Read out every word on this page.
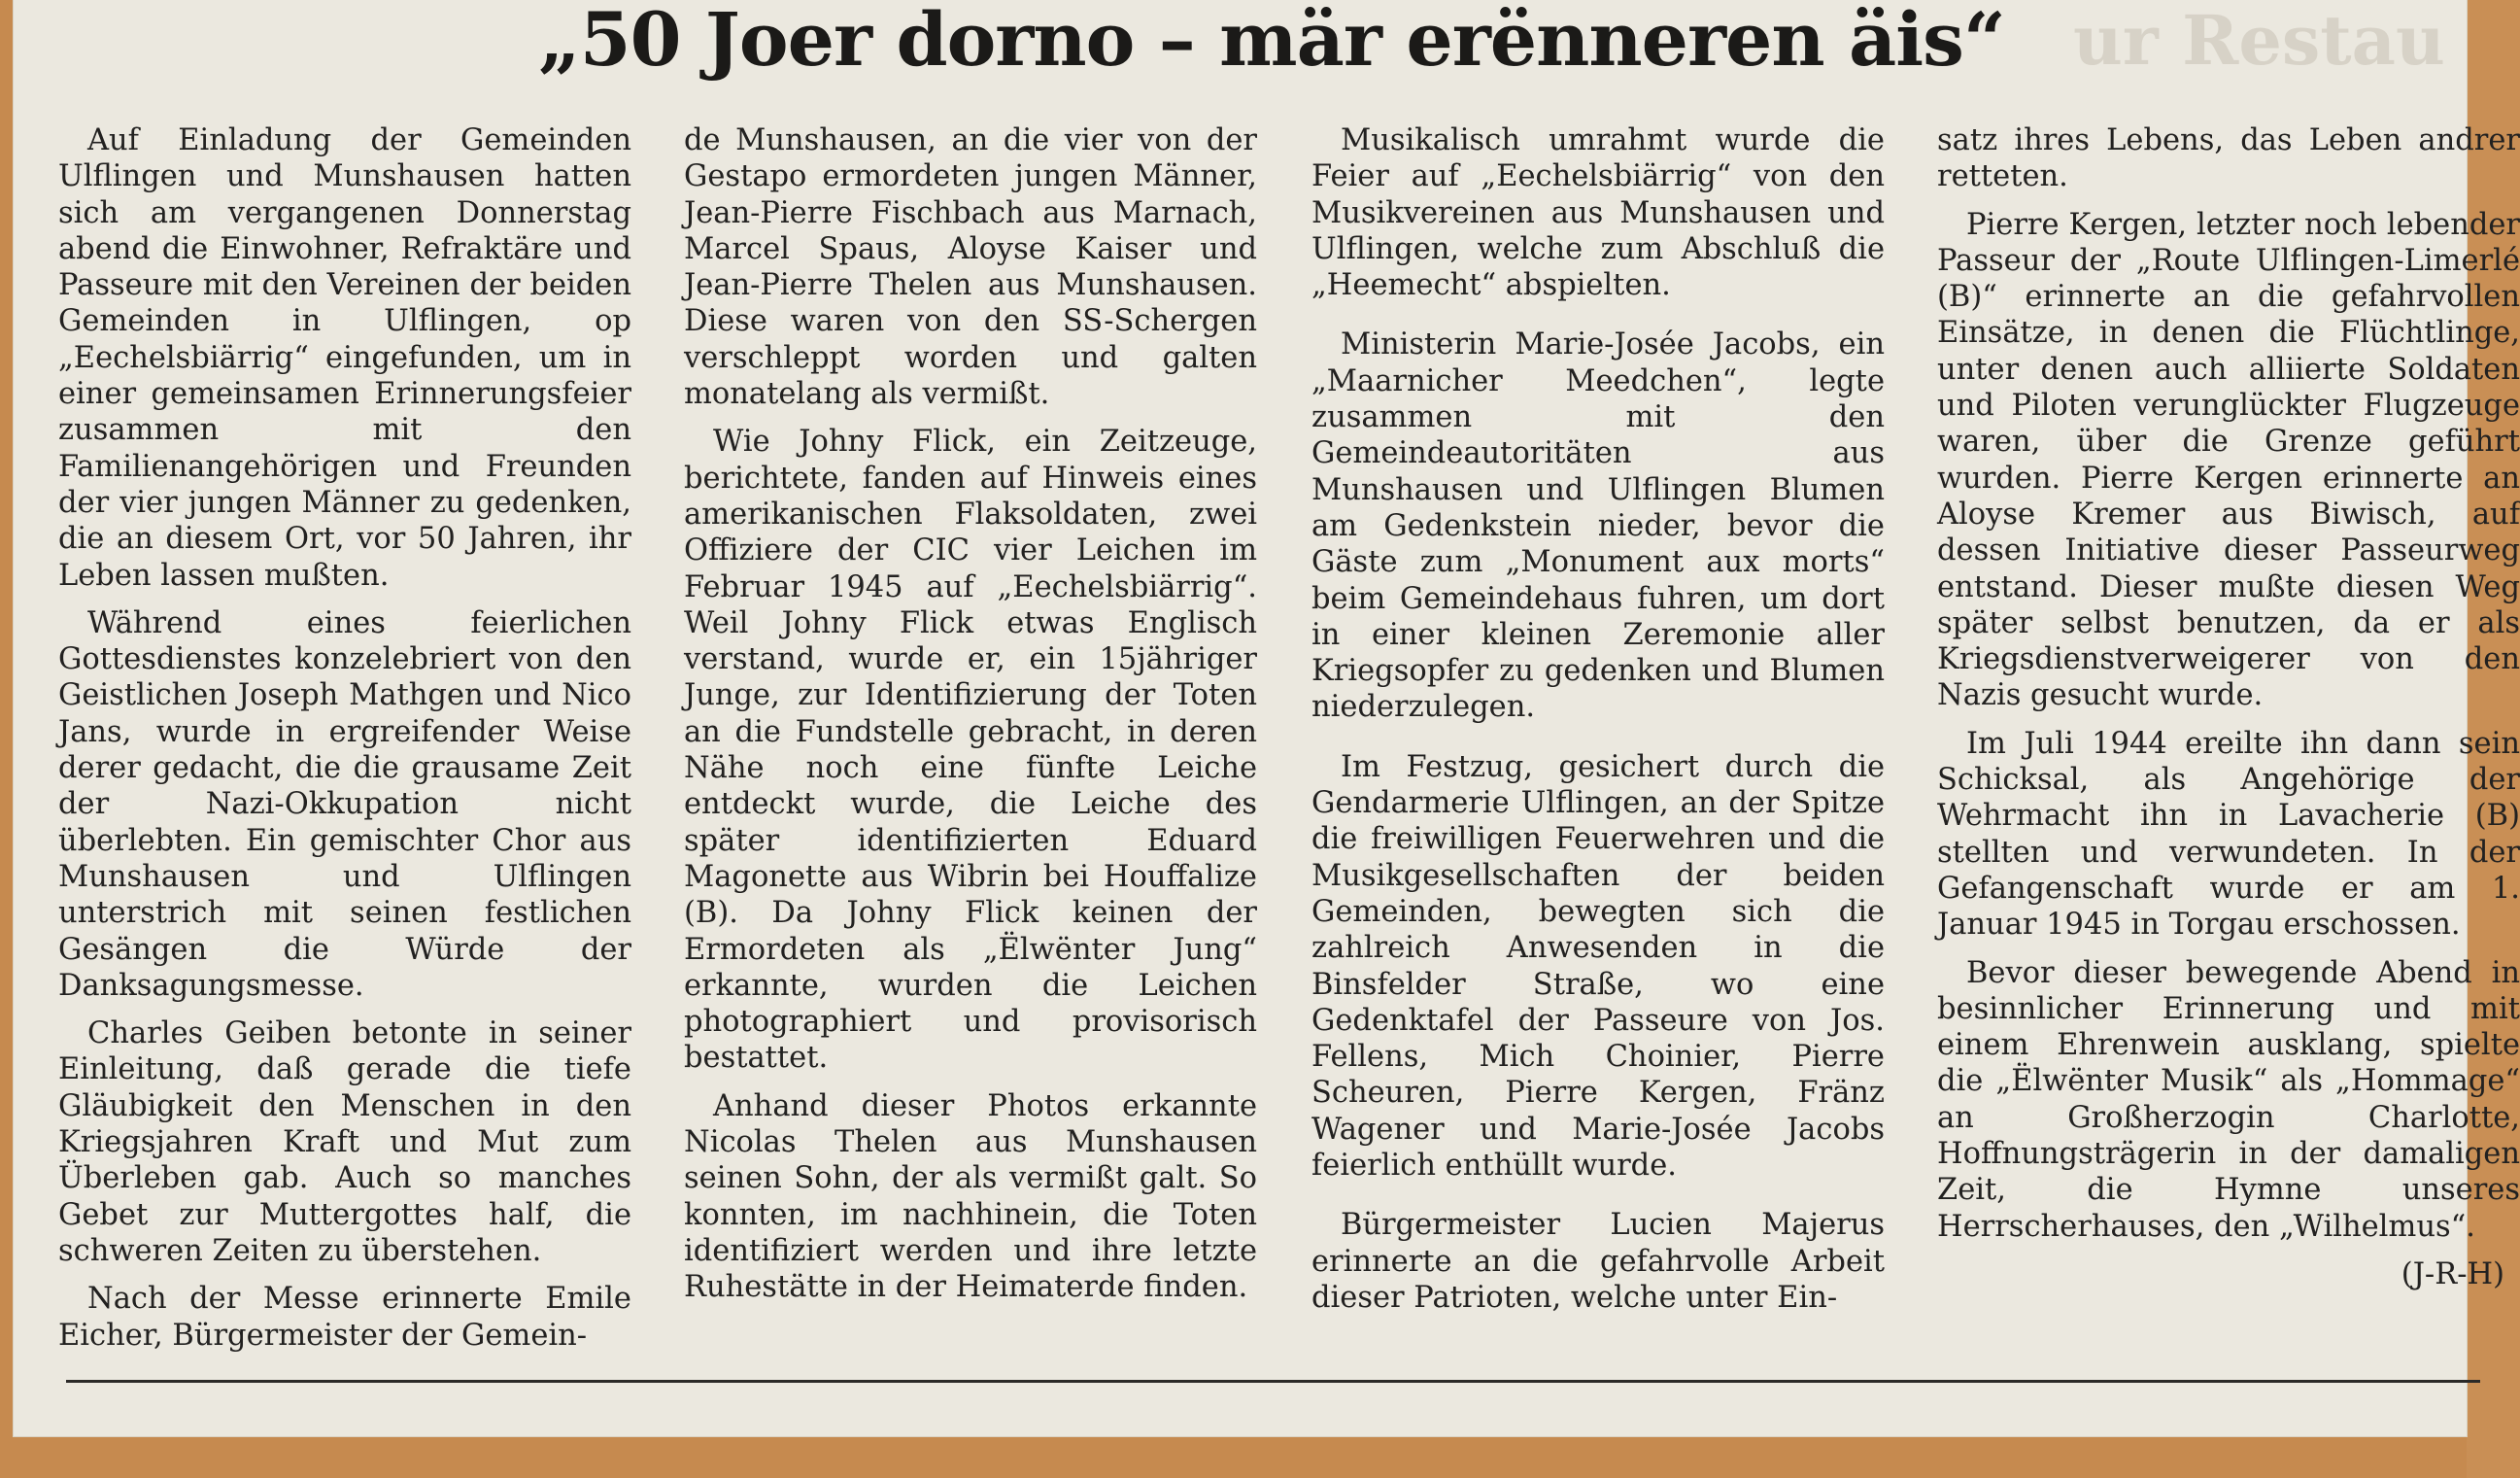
ur Restau
„50 Joer dorno – mär erënneren äis“

Auf Einladung der Gemeinden Ulflingen und Munshausen hatten sich am vergangenen Donnerstag abend die Einwohner, Refraktäre und Passeure mit den Vereinen der beiden Gemeinden in Ulflingen, op „Eechelsbiärrig“ eingefunden, um in einer gemeinsamen Erinnerungsfeier zusammen mit den Familienangehörigen und Freunden der vier jungen Männer zu gedenken, die an diesem Ort, vor 50 Jahren, ihr Leben lassen mußten.

Während eines feierlichen Gottesdienstes konzelebriert von den Geistlichen Joseph Mathgen und Nico Jans, wurde in ergreifender Weise derer gedacht, die die grausame Zeit der Nazi-Okkupation nicht überlebten. Ein gemischter Chor aus Munshausen und Ulflingen unterstrich mit seinen festlichen Gesängen die Würde der Danksagungsmesse.

Charles Geiben betonte in seiner Einleitung, daß gerade die tiefe Gläubigkeit den Menschen in den Kriegsjahren Kraft und Mut zum Überleben gab. Auch so manches Gebet zur Muttergottes half, die schweren Zeiten zu überstehen.

Nach der Messe erinnerte Emile Eicher, Bürgermeister der Gemein-

de Munshausen, an die vier von der Gestapo ermordeten jungen Männer, Jean-Pierre Fischbach aus Marnach, Marcel Spaus, Aloyse Kaiser und Jean-Pierre Thelen aus Munshausen. Diese waren von den SS-Schergen verschleppt worden und galten monatelang als vermißt.

Wie Johny Flick, ein Zeitzeuge, berichtete, fanden auf Hinweis eines amerikanischen Flaksoldaten, zwei Offiziere der CIC vier Leichen im Februar 1945 auf „Eechelsbiärrig“. Weil Johny Flick etwas Englisch verstand, wurde er, ein 15jähriger Junge, zur Identifizierung der Toten an die Fundstelle gebracht, in deren Nähe noch eine fünfte Leiche entdeckt wurde, die Leiche des später identifizierten Eduard Magonette aus Wibrin bei Houffalize (B). Da Johny Flick keinen der Ermordeten als „Ëlwënter Jung“ erkannte, wurden die Leichen photographiert und provisorisch bestattet.

Anhand dieser Photos erkannte Nicolas Thelen aus Munshausen seinen Sohn, der als vermißt galt. So konnten, im nachhinein, die Toten identifiziert werden und ihre letzte Ruhestätte in der Heimaterde finden.

Musikalisch umrahmt wurde die Feier auf „Eechelsbiärrig“ von den Musikvereinen aus Munshausen und Ulflingen, welche zum Abschluß die „Heemecht“ abspielten.

Ministerin Marie-Josée Jacobs, ein „Maarnicher Meedchen“, legte zusammen mit den Gemeindeautoritäten aus Munshausen und Ulflingen Blumen am Gedenkstein nieder, bevor die Gäste zum „Monument aux morts“ beim Gemeindehaus fuhren, um dort in einer kleinen Zeremonie aller Kriegsopfer zu gedenken und Blumen niederzulegen.

Im Festzug, gesichert durch die Gendarmerie Ulflingen, an der Spitze die freiwilligen Feuerwehren und die Musikgesellschaften der beiden Gemeinden, bewegten sich die zahlreich Anwesenden in die Binsfelder Straße, wo eine Gedenktafel der Passeure von Jos. Fellens, Mich Choinier, Pierre Scheuren, Pierre Kergen, Fränz Wagener und Marie-Josée Jacobs feierlich enthüllt wurde.

Bürgermeister Lucien Majerus erinnerte an die gefahrvolle Arbeit dieser Patrioten, welche unter Ein-

satz ihres Lebens, das Leben andrer retteten.

Pierre Kergen, letzter noch lebender Passeur der „Route Ulflingen-Limerlé (B)“ erinnerte an die gefahrvollen Einsätze, in denen die Flüchtlinge, unter denen auch alliierte Soldaten und Piloten verunglückter Flugzeuge waren, über die Grenze geführt wurden. Pierre Kergen erinnerte an Aloyse Kremer aus Biwisch, auf dessen Initiative dieser Passeurweg entstand. Dieser mußte diesen Weg später selbst benutzen, da er als Kriegsdienstverweigerer von den Nazis gesucht wurde.

Im Juli 1944 ereilte ihn dann sein Schicksal, als Angehörige der Wehrmacht ihn in Lavacherie (B) stellten und verwundeten. In der Gefangenschaft wurde er am 1. Januar 1945 in Torgau erschossen.

Bevor dieser bewegende Abend in besinnlicher Erinnerung und mit einem Ehrenwein ausklang, spielte die „Ëlwënter Musik“ als „Hommage“ an Großherzogin Charlotte, Hoffnungsträgerin in der damaligen Zeit, die Hymne unseres Herrscherhauses, den „Wilhelmus“.

(J-R-H)
